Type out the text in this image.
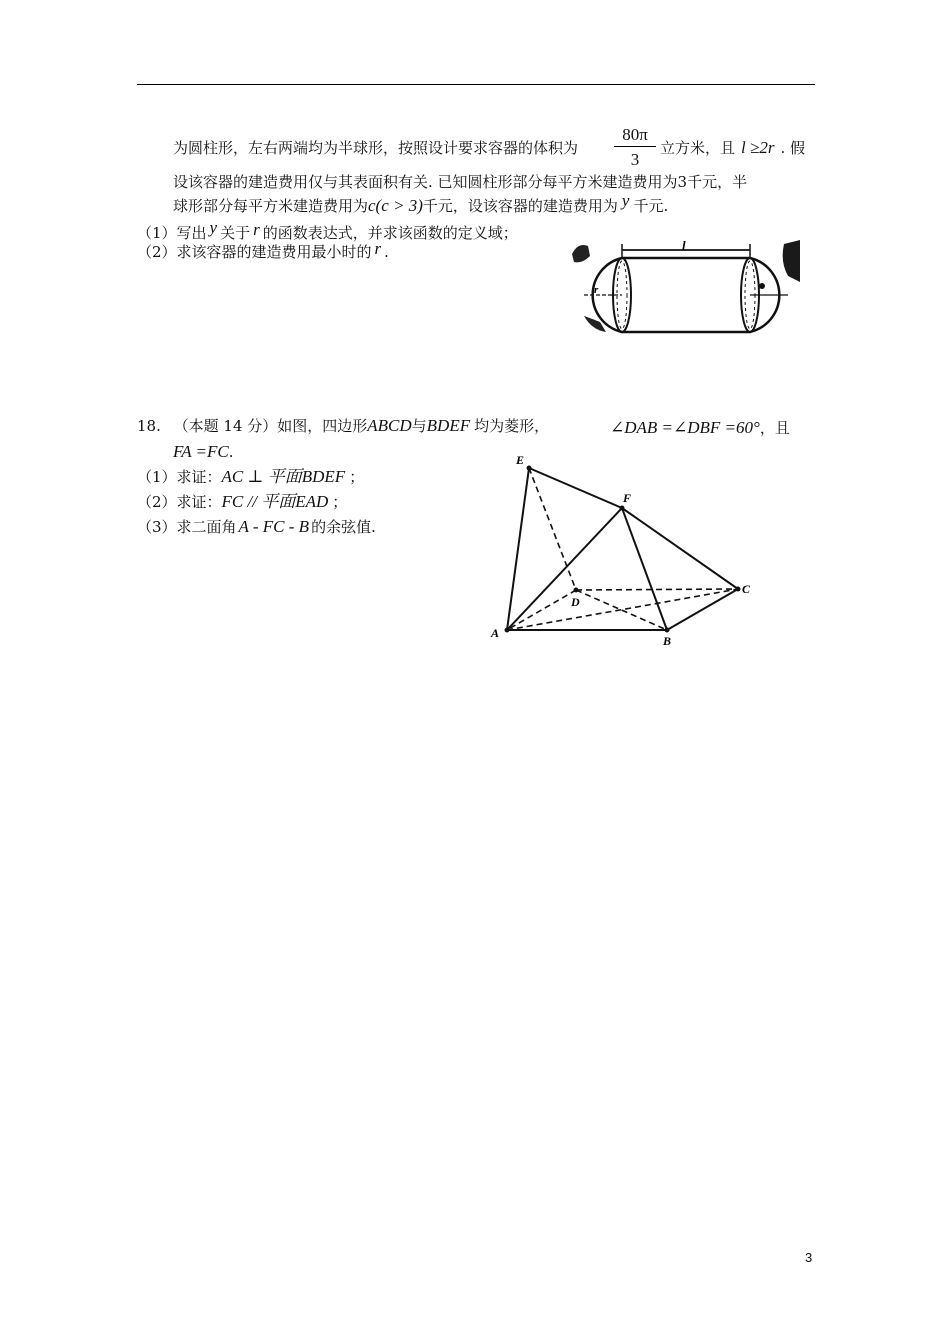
为圆柱形，左右两端均为半球形，按照设计要求容器的体积为
80π
3
立方米，且 l ≥2r . 假
设该容器的建造费用仅与其表面积有关. 已知圆柱形部分每平方米建造费用为3千元，半
球形部分每平方米建造费用为c(c > 3)千元，设该容器的建造费用为 y 千元.
（1）写出 y 关于 r 的函数表达式，并求该函数的定义域；
（2）求该容器的建造费用最小时的 r .	l
r
18. （本题 14 分）如图，四边形ABCD与BDEF 均为菱形，	∠DAB =∠DBF =60°，且
FA =FC.
（1）求证：AC ⊥ 平面BDEF ；
（2）求证：FC // 平面EAD ；
（3）求二面角 A - FC - B 的余弦值.
E
F
D
C
A
B
3
